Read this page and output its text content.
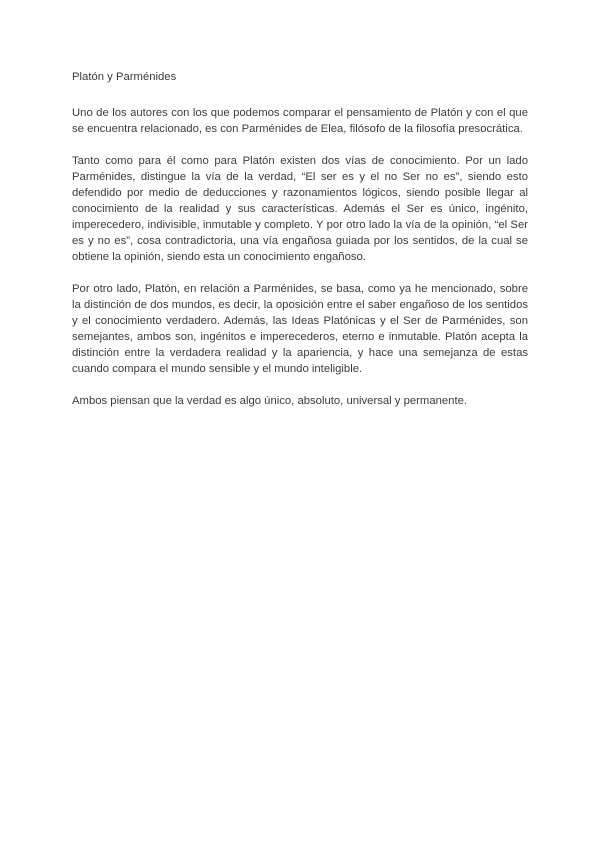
Platón y Parménides

Uno de los autores con los que podemos comparar el pensamiento de Platón y con el que se encuentra relacionado, es con Parménides de Elea, filósofo de la filosofía presocrática.

Tanto como para él como para Platón existen dos vías de conocimiento. Por un lado Parménides, distingue la vía de la verdad, “El ser es y el no Ser no es”, siendo esto defendido por medio de deducciones y razonamientos lógicos, siendo posible llegar al conocimiento de la realidad y sus características. Además el Ser es único, ingénito, imperecedero, indivisible, inmutable y completo. Y por otro lado la vía de la opinión, “el Ser es y no es”, cosa contradictoria, una vía engañosa guiada por los sentidos, de la cual se obtiene la opinión, siendo esta un conocimiento engañoso.

Por otro lado, Platón, en relación a Parménides, se basa, como ya he mencionado, sobre la distinción de dos mundos, es decir, la oposición entre el saber engañoso de los sentidos y el conocimiento verdadero. Además, las Ideas Platónicas y el Ser de Parménides, son semejantes, ambos son, ingénitos e imperecederos, eterno e inmutable. Platón acepta la distinción entre la verdadera realidad y la apariencia, y hace una semejanza de estas cuando compara el mundo sensible y el mundo inteligible.

Ambos piensan que la verdad es algo único, absoluto, universal y permanente.
